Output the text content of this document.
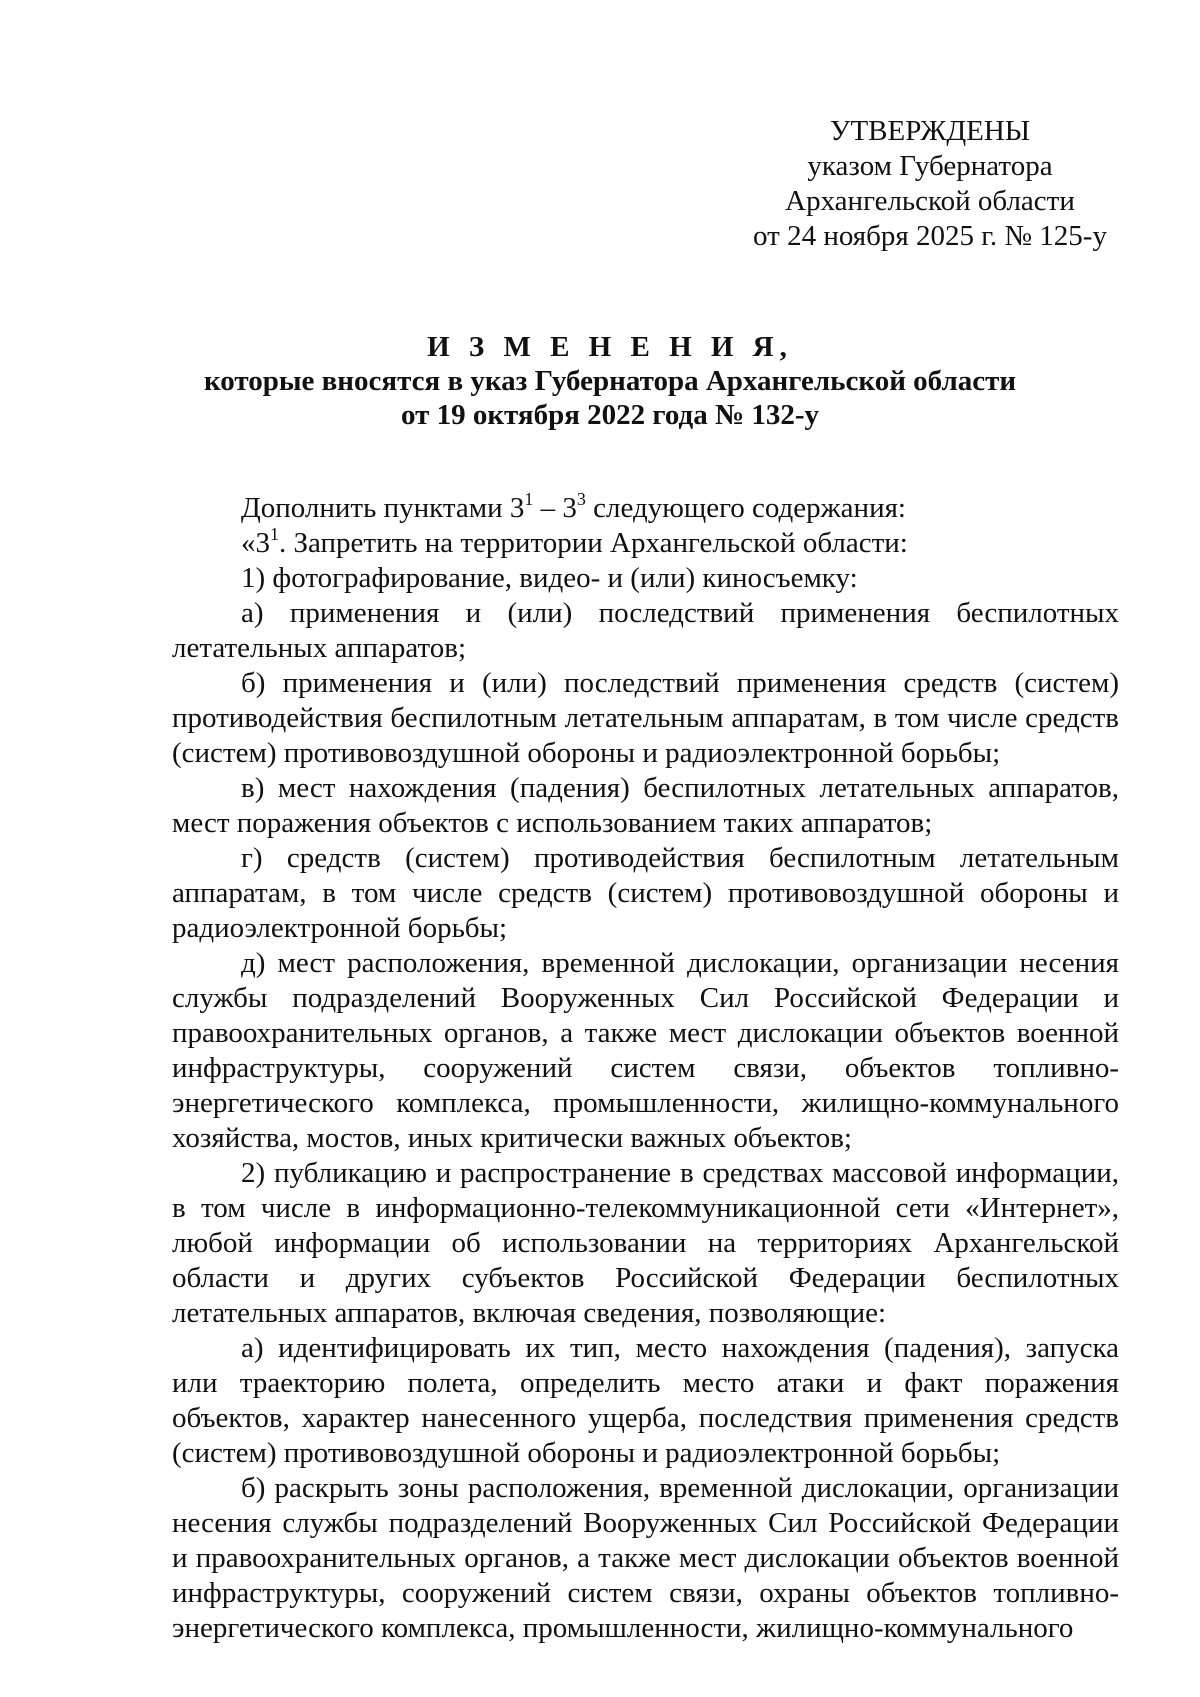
УТВЕРЖДЕНЫ
указом Губернатора
Архангельской области
от 24 ноября 2025 г. № 125-у
И З М Е Н Е Н И Я,
которые вносятся в указ Губернатора Архангельской области
от 19 октября 2022 года № 132-у

Дополнить пунктами $3^1 - 3^3$ следующего содержания:

«$3^1$. Запретить на территории Архангельской области:

1) фотографирование, видео- и (или) киносъемку:

а) применения и (или) последствий применения беспилотных летательных аппаратов;

б) применения и (или) последствий применения средств (систем) противодействия беспилотным летательным аппаратам, в том числе средств (систем) противовоздушной обороны и радиоэлектронной борьбы;

в) мест нахождения (падения) беспилотных летательных аппаратов, мест поражения объектов с использованием таких аппаратов;

г) средств (систем) противодействия беспилотным летательным аппаратам, в том числе средств (систем) противовоздушной обороны и радиоэлектронной борьбы;

д) мест расположения, временной дислокации, организации несения службы подразделений Вооруженных Сил Российской Федерации и правоохранительных органов, а также мест дислокации объектов военной инфраструктуры, сооружений систем связи, объектов топливно-энергетического комплекса, промышленности, жилищно-коммунального хозяйства, мостов, иных критически важных объектов;

2) публикацию и распространение в средствах массовой информации, в том числе в информационно-телекоммуникационной сети «Интернет», любой информации об использовании на территориях Архангельской области и других субъектов Российской Федерации беспилотных летательных аппаратов, включая сведения, позволяющие:

а) идентифицировать их тип, место нахождения (падения), запуска или траекторию полета, определить место атаки и факт поражения объектов, характер нанесенного ущерба, последствия применения средств (систем) противовоздушной обороны и радиоэлектронной борьбы;

б) раскрыть зоны расположения, временной дислокации, организации несения службы подразделений Вооруженных Сил Российской Федерации и правоохранительных органов, а также мест дислокации объектов военной инфраструктуры, сооружений систем связи, охраны объектов топливно-энергетического комплекса, промышленности, жилищно-коммунального
